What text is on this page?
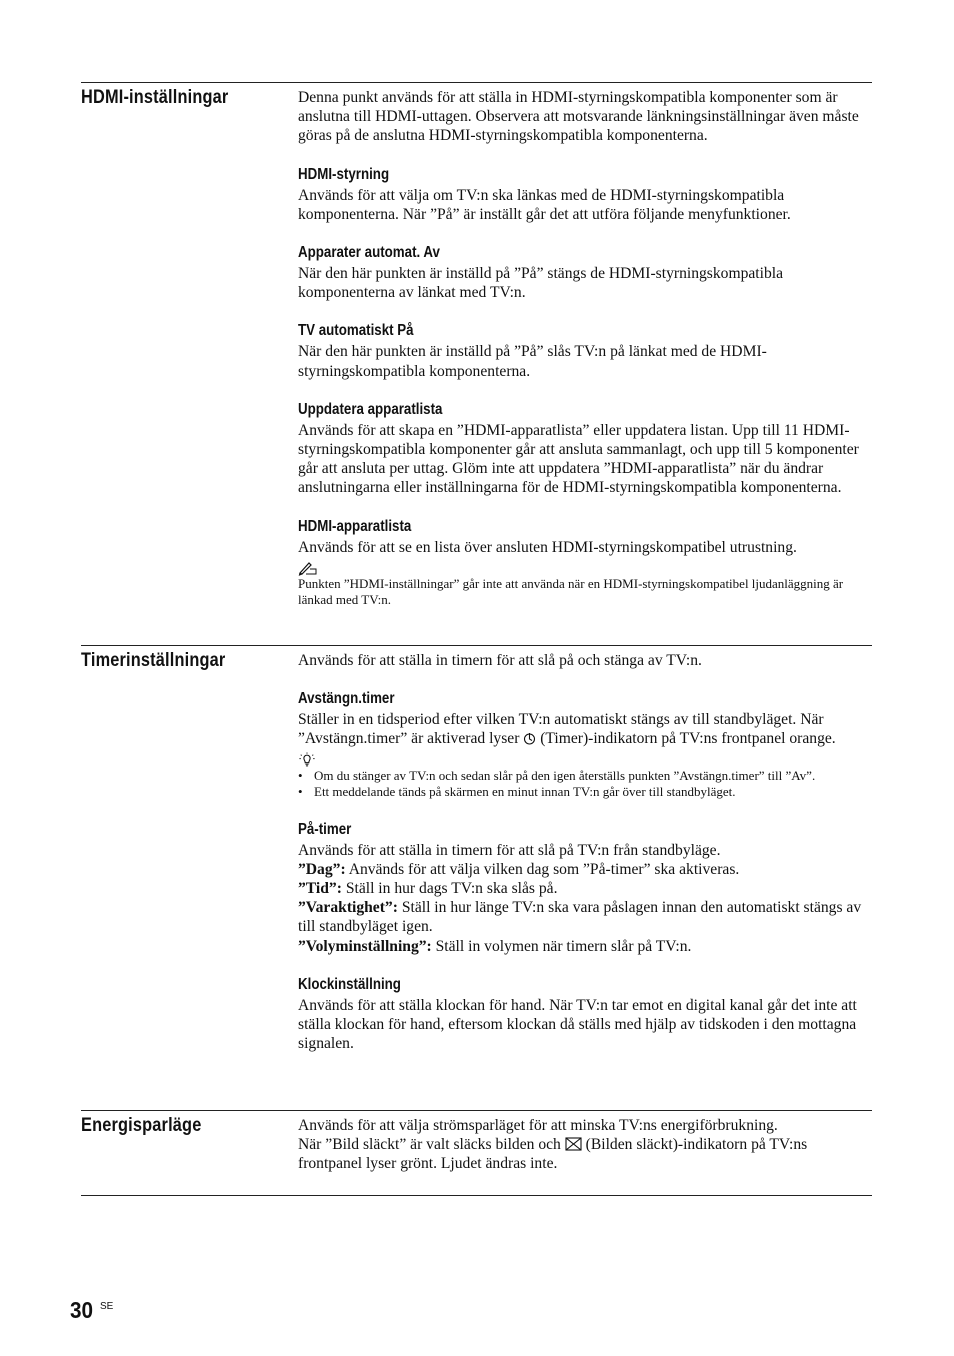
HDMI-inställningar	Denna punkt används för att ställa in HDMI-styrningskompatibla komponenter som är anslutna till HDMI-uttagen. Observera att motsvarande länkningsinställningar även måste göras på de anslutna HDMI-styrningskompatibla komponenterna.

HDMI-styrning

Används för att välja om TV:n ska länkas med de HDMI-styrningskompatibla komponenterna. När ”På” är inställt går det att utföra följande menyfunktioner.

Apparater automat. Av

När den här punkten är inställd på ”På” stängs de HDMI-styrningskompatibla komponenterna av länkat med TV:n.

TV automatiskt På

När den här punkten är inställd på ”På” slås TV:n på länkat med de HDMI-styrningskompatibla komponenterna.

Uppdatera apparatlista

Används för att skapa en ”HDMI-apparatlista” eller uppdatera listan. Upp till 11 HDMI-styrningskompatibla komponenter går att ansluta sammanlagt, och upp till 5 komponenter går att ansluta per uttag. Glöm inte att uppdatera ”HDMI-apparatlista” när du ändrar anslutningarna eller inställningarna för de HDMI-styrningskompatibla komponenterna.

HDMI-apparatlista

Används för att se en lista över ansluten HDMI-styrningskompatibel utrustning.

Punkten ”HDMI-inställningar” går inte att använda när en HDMI-styrningskompatibel ljudanläggning är länkad med TV:n.

Timerinställningar	Används för att ställa in timern för att slå på och stänga av TV:n.

Avstängn.timer

Ställer in en tidsperiod efter vilken TV:n automatiskt stängs av till standbyläget. När ”Avstängn.timer” är aktiverad lyser  (Timer)-indikatorn på TV:ns frontpanel orange.

• Om du stänger av TV:n och sedan slår på den igen återställs punkten ”Avstängn.timer” till ”Av”.
• Ett meddelande tänds på skärmen en minut innan TV:n går över till standbyläget.
På-timer

Används för att ställa in timern för att slå på TV:n från standbyläge.

”Dag”: Används för att välja vilken dag som ”På-timer” ska aktiveras.

”Tid”: Ställ in hur dags TV:n ska slås på.

”Varaktighet”: Ställ in hur länge TV:n ska vara påslagen innan den automatiskt stängs av till standbyläget igen.

”Volyminställning”: Ställ in volymen när timern slår på TV:n.

Klockinställning

Används för att ställa klockan för hand. När TV:n tar emot en digital kanal går det inte att ställa klockan för hand, eftersom klockan då ställs med hjälp av tidskoden i den mottagna signalen.

Energisparläge	Används för att välja strömsparläget för att minska TV:ns energiförbrukning.

När ”Bild släckt” är valt släcks bilden och  (Bilden släckt)-indikatorn på TV:ns frontpanel lyser grönt. Ljudet ändras inte.

30 SE
